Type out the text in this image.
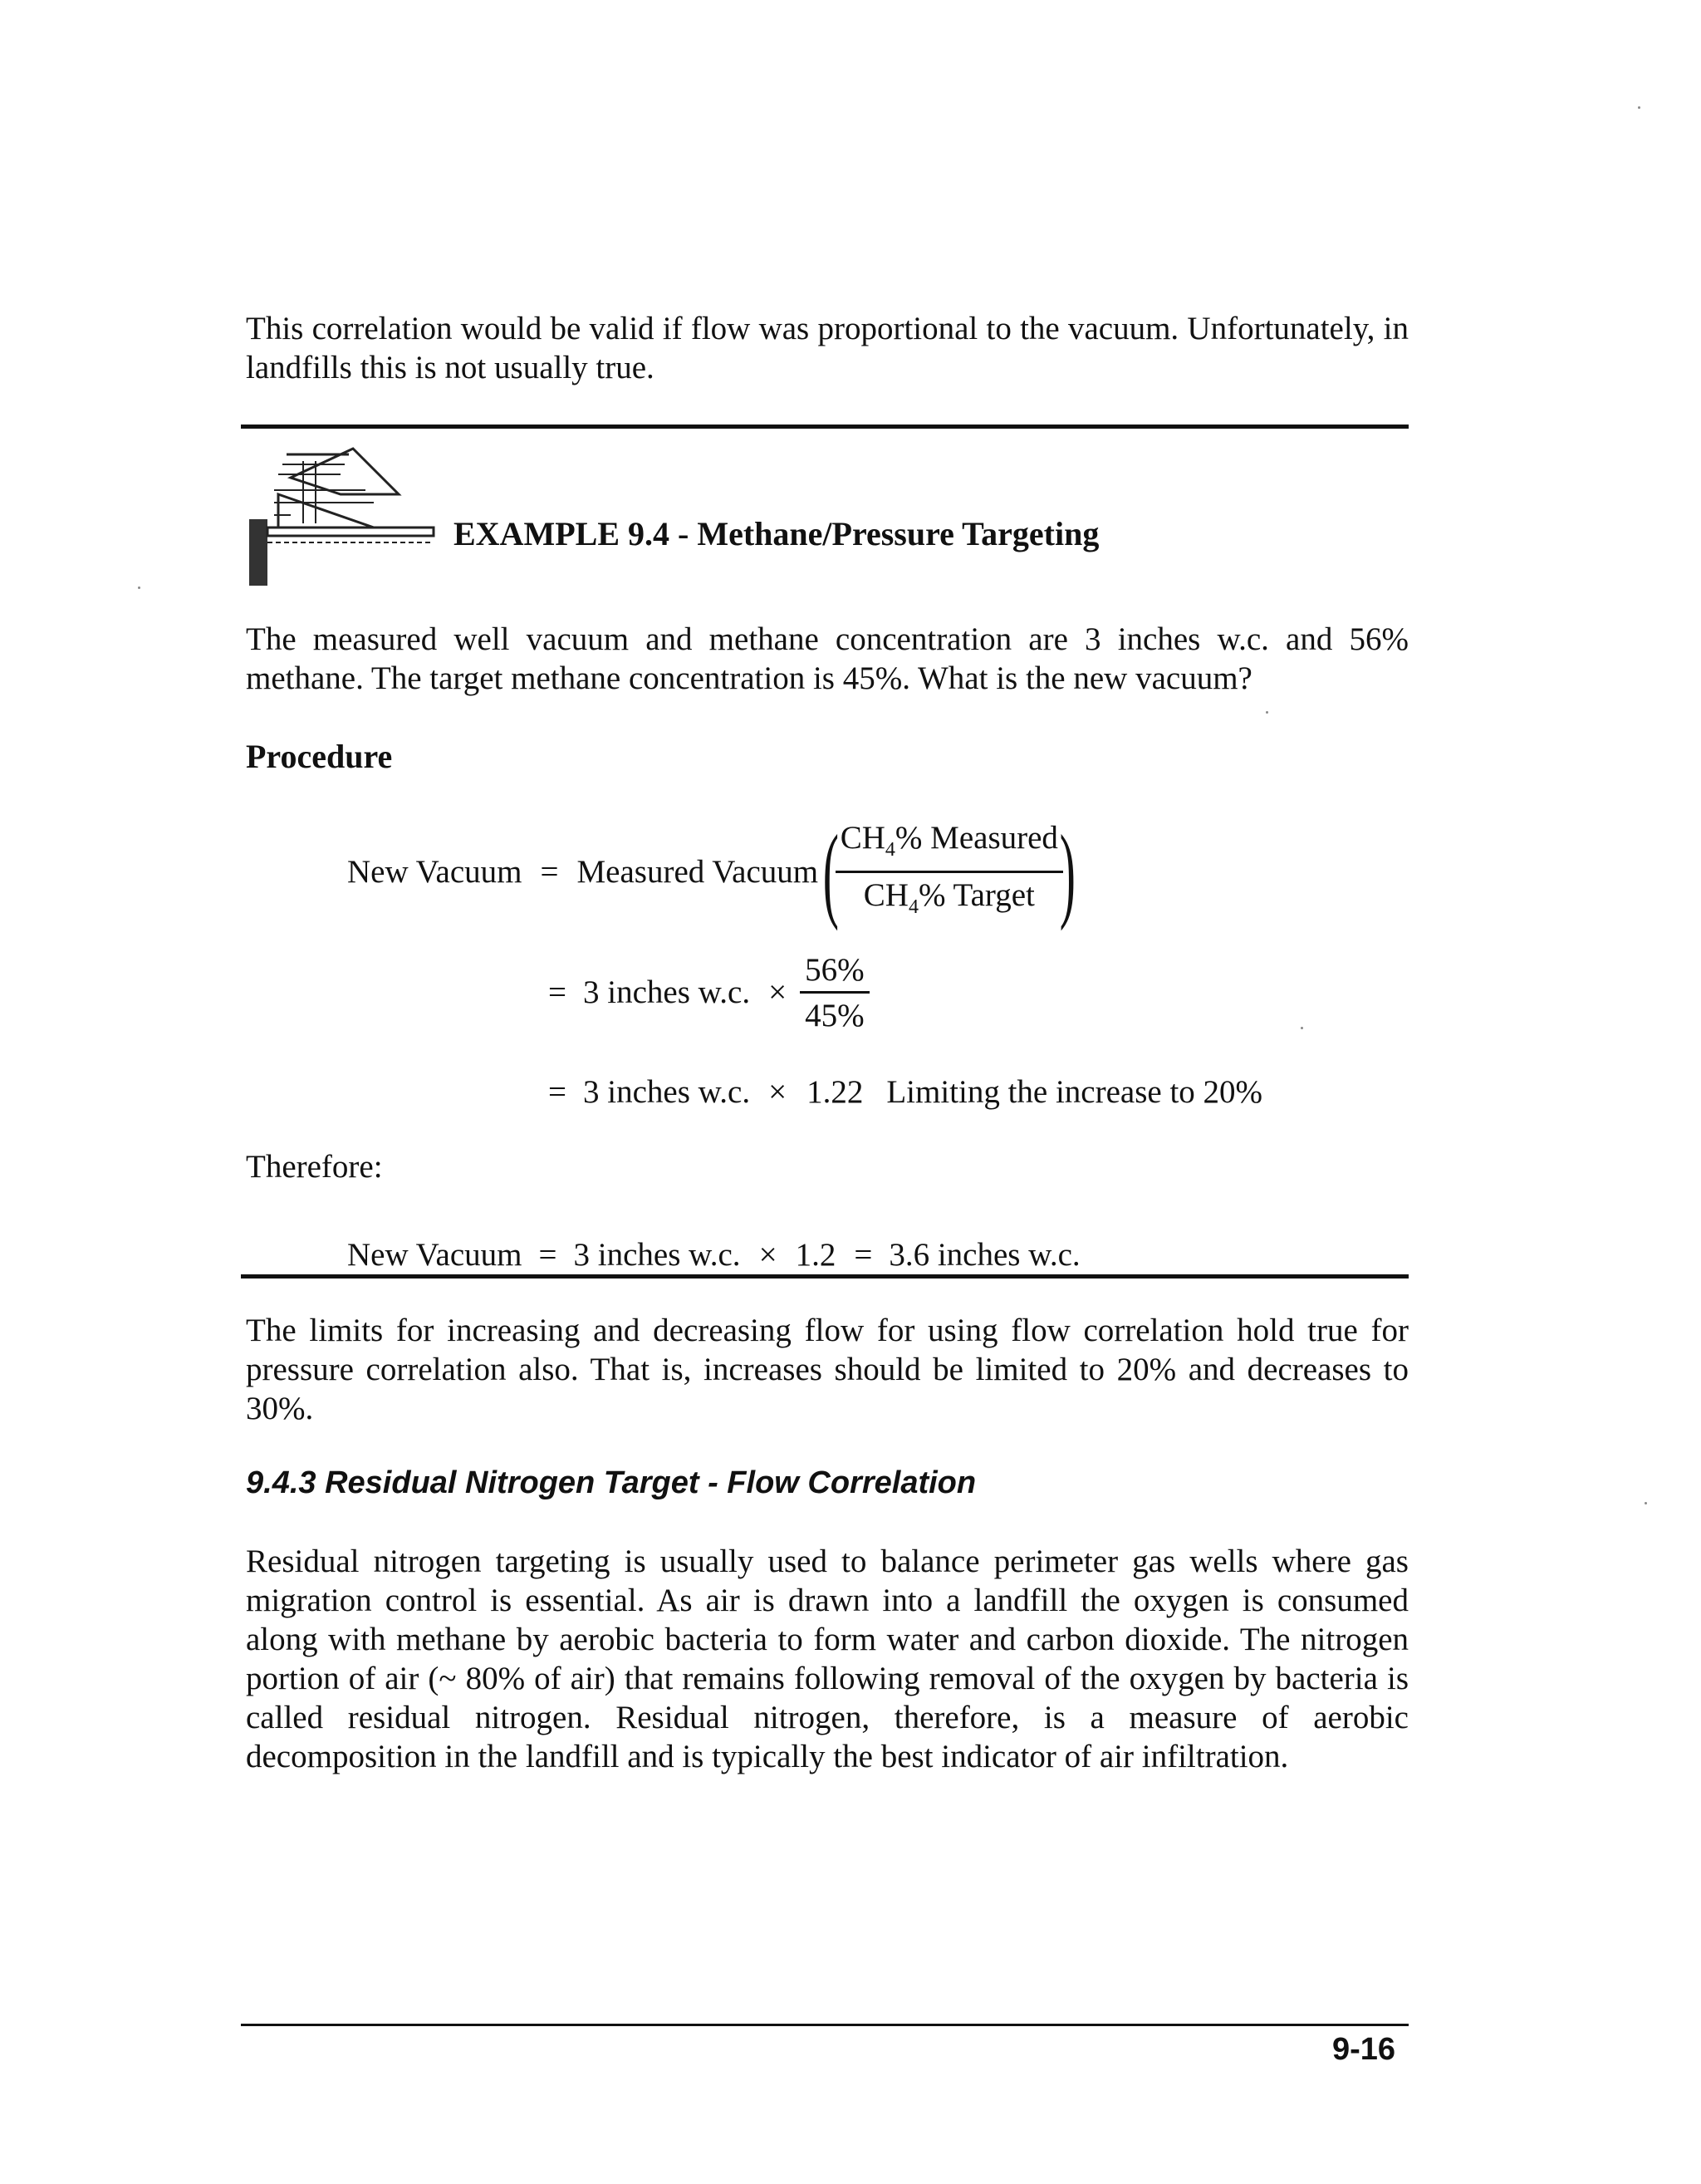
This correlation would be valid if flow was proportional to the vacuum. Unfortunately, in landfills this is not usually true.

EXAMPLE 9.4 - Methane/Pressure Targeting

The measured well vacuum and methane concentration are 3 inches w.c. and 56% methane. The target methane concentration is 45%. What is the new vacuum?

Procedure
New Vacuum = Measured Vacuum (
$\frac{CH_4\% Measured}{CH_4\% Target}$
)
= 3 inches w.c. × $\frac{56\%}{45\%}$
= 3 inches w.c. × 1.22 Limiting the increase to 20%
Therefore:
New Vacuum = 3 inches w.c. × 1.2 = 3.6 inches w.c.

The limits for increasing and decreasing flow for using flow correlation hold true for pressure correlation also. That is, increases should be limited to 20% and decreases to 30%.

9.4.3 Residual Nitrogen Target - Flow Correlation

Residual nitrogen targeting is usually used to balance perimeter gas wells where gas migration control is essential. As air is drawn into a landfill the oxygen is consumed along with methane by aerobic bacteria to form water and carbon dioxide. The nitrogen portion of air (~ 80% of air) that remains following removal of the oxygen by bacteria is called residual nitrogen. Residual nitrogen, therefore, is a measure of aerobic decomposition in the landfill and is typically the best indicator of air infiltration.

9-16
